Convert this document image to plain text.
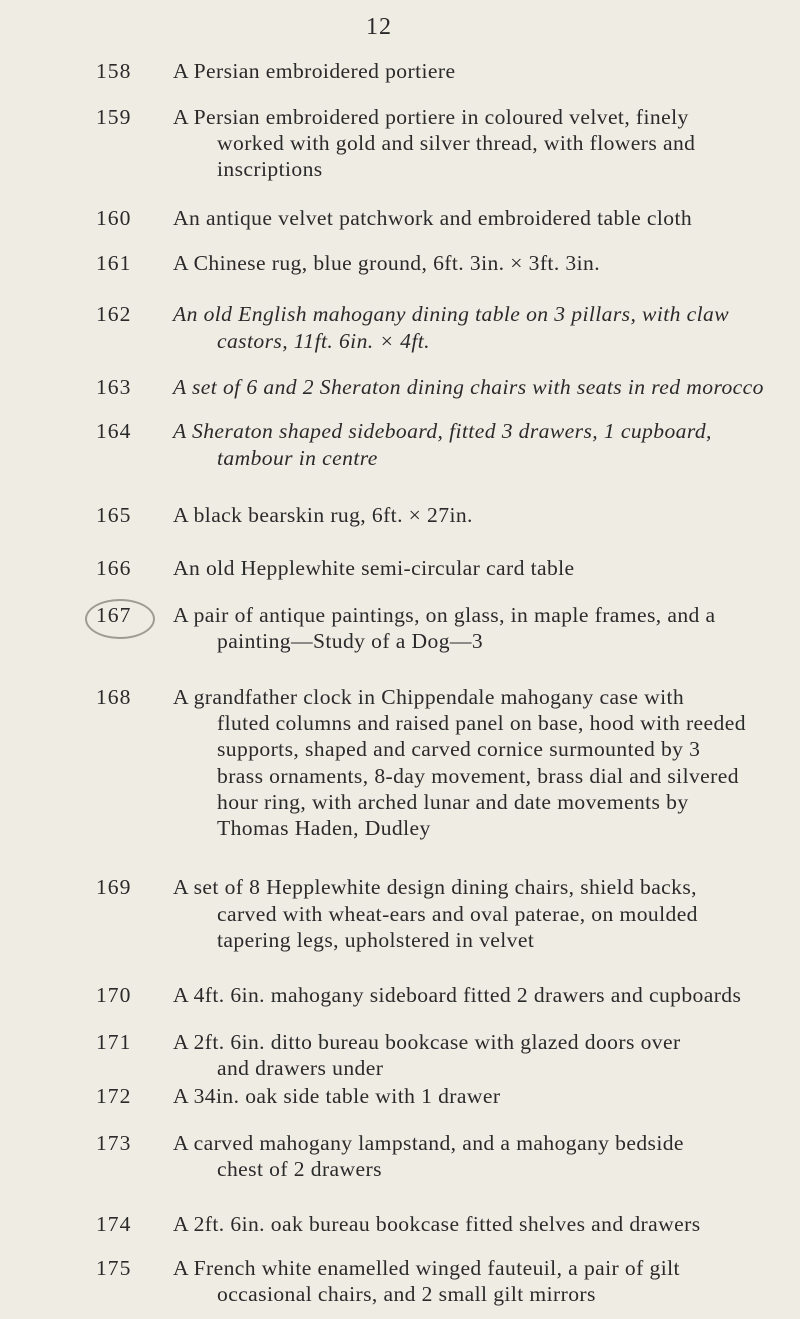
12
158	A Persian embroidered portiere
159	A Persian embroidered portiere in coloured velvet, finely
worked with gold and silver thread, with flowers and
inscriptions
160	An antique velvet patchwork and embroidered table cloth
161	A Chinese rug, blue ground, 6ft. 3in. × 3ft. 3in.
162	An old English mahogany dining table on 3 pillars, with claw
castors, 11ft. 6in. × 4ft.
163	A set of 6 and 2 Sheraton dining chairs with seats in red morocco
164	A Sheraton shaped sideboard, fitted 3 drawers, 1 cupboard,
tambour in centre
165	A black bearskin rug, 6ft. × 27in.
166	An old Hepplewhite semi-circular card table
167	A pair of antique paintings, on glass, in maple frames, and a
painting—Study of a Dog—3
168	A grandfather clock in Chippendale mahogany case with
fluted columns and raised panel on base, hood with reeded
supports, shaped and carved cornice surmounted by 3
brass ornaments, 8-day movement, brass dial and silvered
hour ring, with arched lunar and date movements by
Thomas Haden, Dudley
169	A set of 8 Hepplewhite design dining chairs, shield backs,
carved with wheat-ears and oval paterae, on moulded
tapering legs, upholstered in velvet
170	A 4ft. 6in. mahogany sideboard fitted 2 drawers and cupboards
171	A 2ft. 6in. ditto bureau bookcase with glazed doors over
and drawers under
172	A 34in. oak side table with 1 drawer
173	A carved mahogany lampstand, and a mahogany bedside
chest of 2 drawers
174	A 2ft. 6in. oak bureau bookcase fitted shelves and drawers
175	A French white enamelled winged fauteuil, a pair of gilt
occasional chairs, and 2 small gilt mirrors
